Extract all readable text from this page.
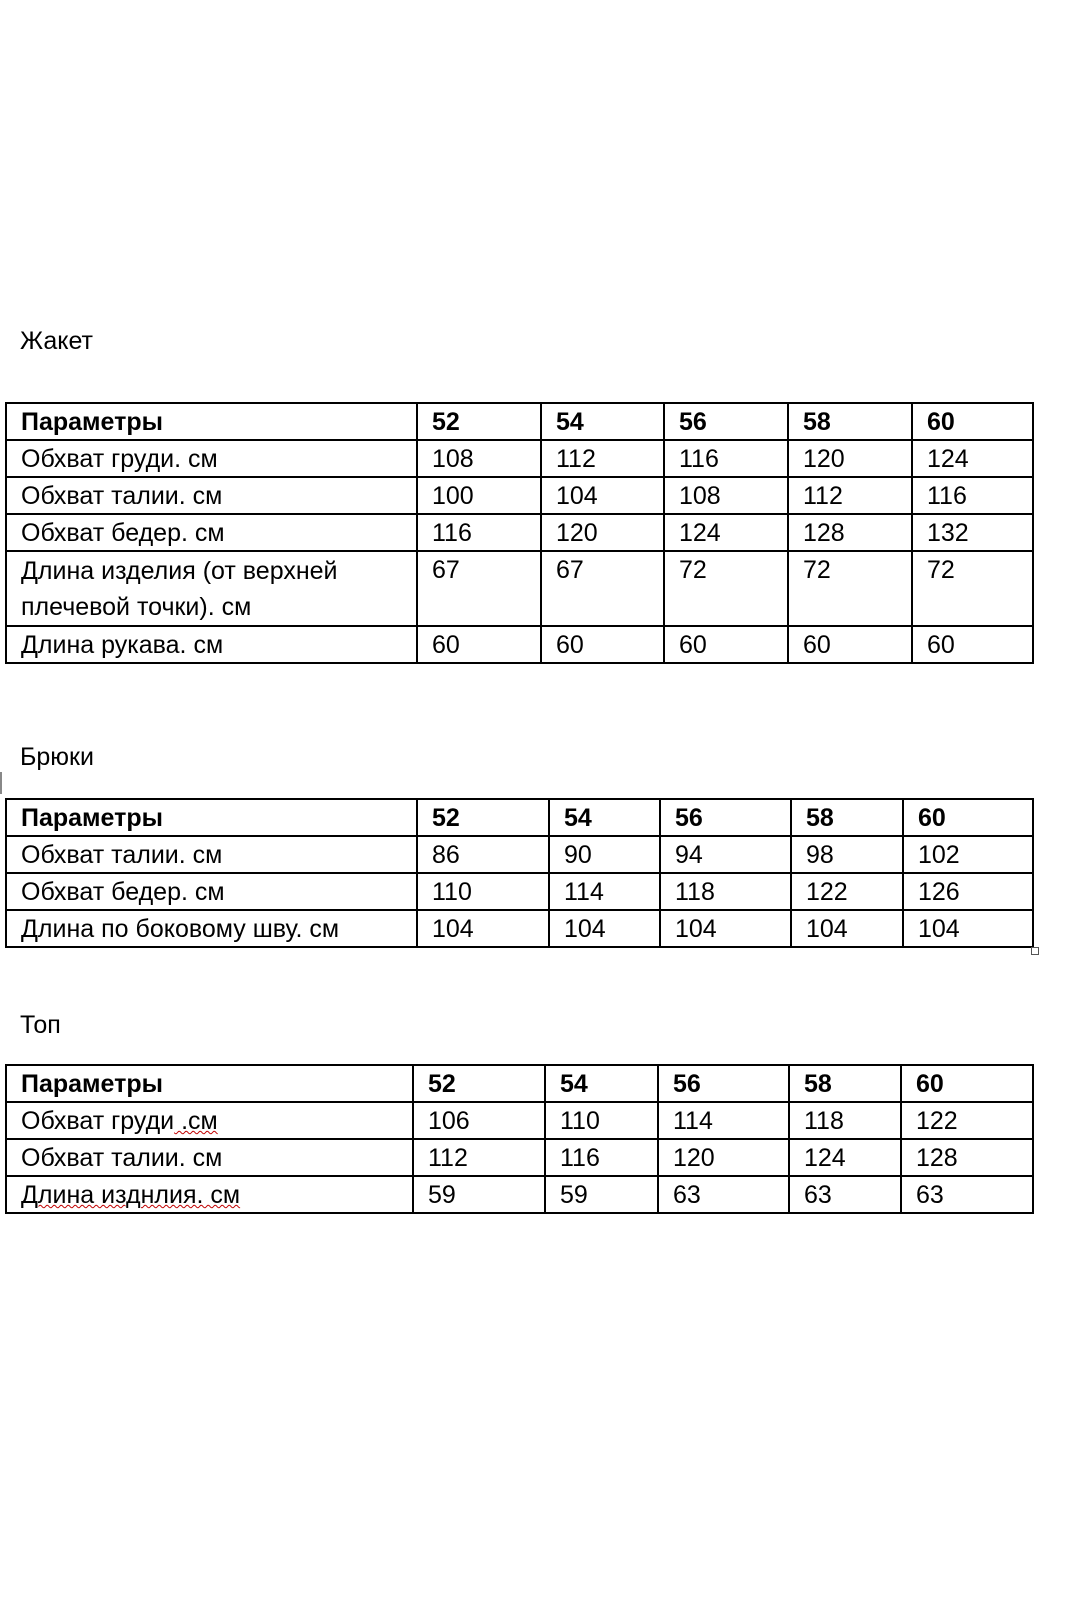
Жакет
Параметры	52	54	56	58	60
Обхват груди. см	108	112	116	120	124
Обхват талии. см	100	104	108	112	116
Обхват бедер. см	116	120	124	128	132
Длина изделия (от верхней плечевой точки). см	67	67	72	72	72
Длина рукава. см	60	60	60	60	60
Брюки
Параметры	52	54	56	58	60
Обхват талии. см	86	90	94	98	102
Обхват бедер. см	110	114	118	122	126
Длина по боковому шву. см	104	104	104	104	104
Топ
Параметры	52	54	56	58	60
Обхват груди .см	106	110	114	118	122
Обхват талии. см	112	116	120	124	128
Длина изднлия. см	59	59	63	63	63
